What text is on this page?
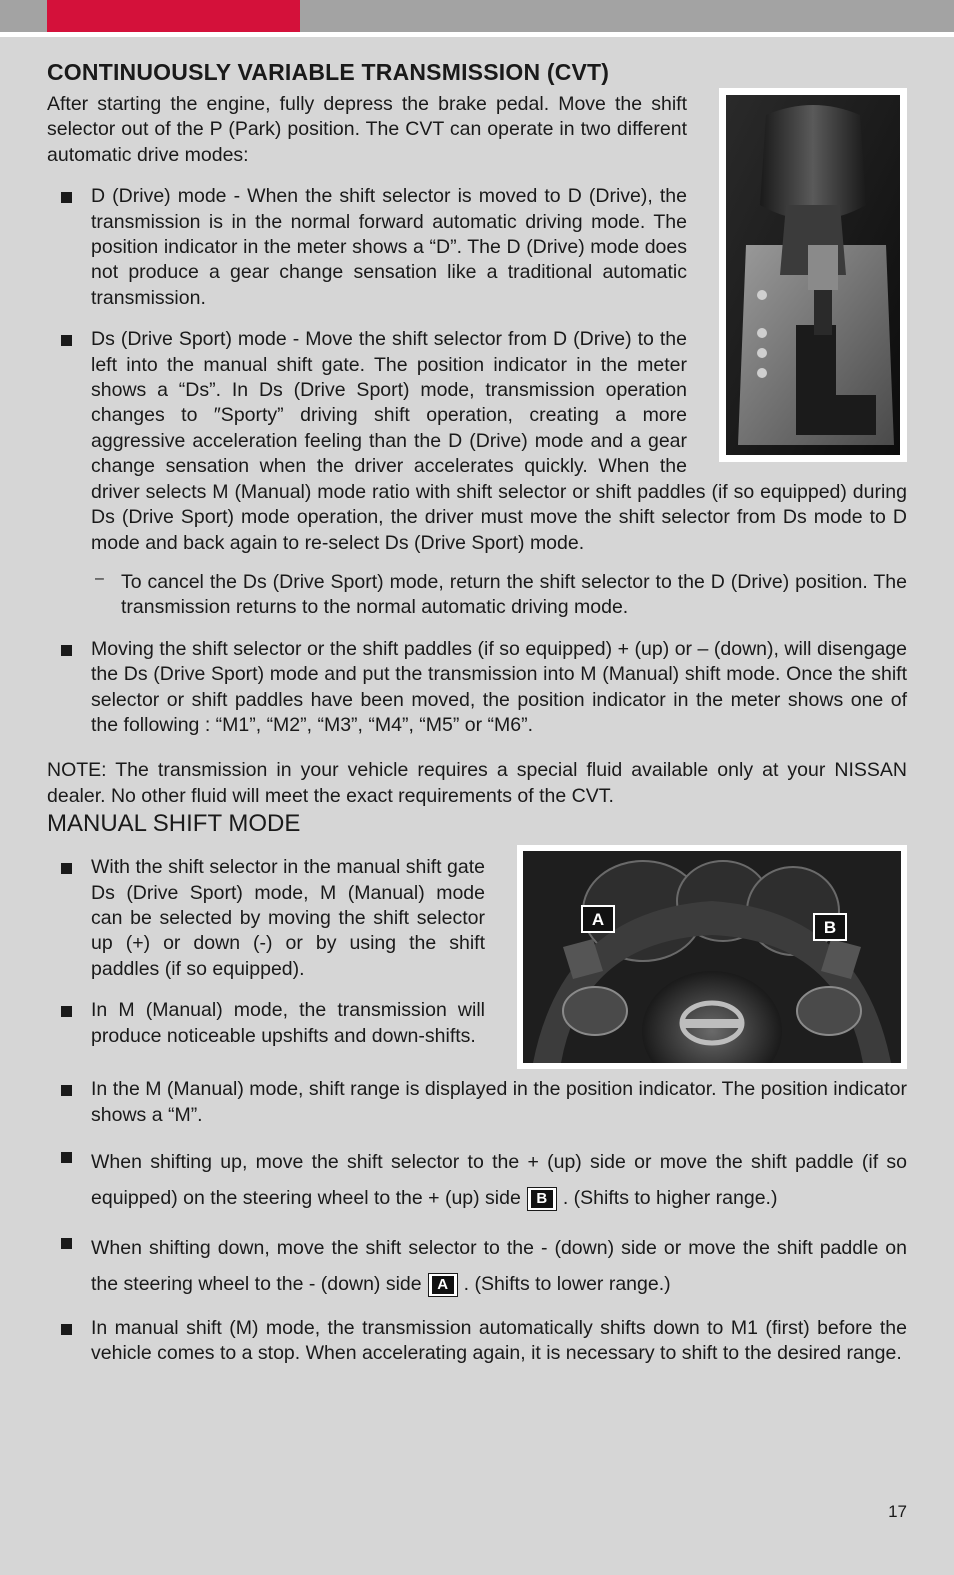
CONTINUOUSLY VARIABLE TRANSMISSION (CVT)

After starting the engine, fully depress the brake pedal. Move the shift selector out of the P (Park) position. The CVT can operate in two different automatic drive modes:

D (Drive) mode - When the shift selector is moved to D (Drive), the transmission is in the normal forward automatic driving mode. The position indicator in the meter shows a “D”. The D (Drive) mode does not produce a gear change sensation like a traditional automatic transmission.
Ds (Drive Sport) mode - Move the shift selector from D (Drive) to the left into the manual shift gate. The position indicator in the meter shows a “Ds”. In Ds (Drive Sport) mode, transmission operation changes to ″Sporty” driving shift operation, creating a more aggressive acceleration feeling than the D (Drive) mode and a gear change sensation when the driver accelerates quickly. When the driver selects M (Manual) mode ratio with shift selector or shift paddles (if so equipped) during Ds (Drive Sport) mode operation, the driver must move the shift selector from Ds mode to D mode and back again to re-select Ds (Drive Sport) mode.
– To cancel the Ds (Drive Sport) mode, return the shift selector to the D (Drive) position. The transmission returns to the normal automatic driving mode.

Moving the shift selector or the shift paddles (if so equipped) + (up) or – (down), will disengage the Ds (Drive Sport) mode and put the transmission into M (Manual) shift mode. Once the shift selector or shift paddles have been moved, the position indicator in the meter shows one of the following : “M1”, “M2”, “M3”, “M4”, “M5” or “M6”.

NOTE: The transmission in your vehicle requires a special fluid available only at your NISSAN dealer. No other fluid will meet the exact requirements of the CVT.

MANUAL SHIFT MODE
A	B
With the shift selector in the manual shift gate Ds (Drive Sport) mode, M (Manual) mode can be selected by moving the shift selector up (+) or down (-) or by using the shift paddles (if so equipped).
In M (Manual) mode, the transmission will produce noticeable upshifts and down-shifts.
In the M (Manual) mode, shift range is displayed in the position indicator. The position indicator shows a “M”.
When shifting up, move the shift selector to the + (up) side or move the shift paddle (if so equipped) on the steering wheel to the + (up) side	B . (Shifts to higher range.)
When shifting down, move the shift selector to the - (down) side or move the shift paddle on the steering wheel to the - (down) side	A . (Shifts to lower range.)
In manual shift (M) mode, the transmission automatically shifts down to M1 (first) before the vehicle comes to a stop. When accelerating again, it is necessary to shift to the desired range.
17
